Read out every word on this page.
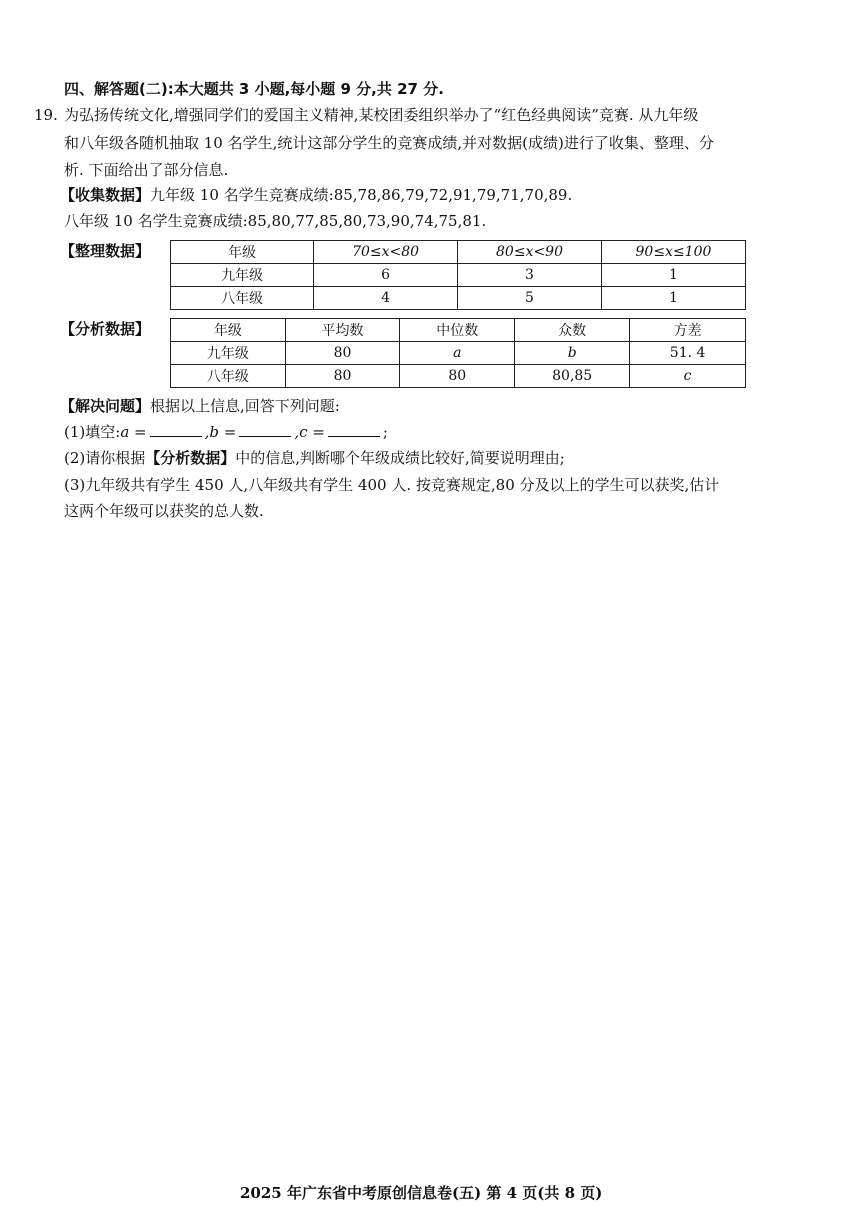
四、解答题(二):本大题共 3 小题,每小题 9 分,共 27 分.
19. 为弘扬传统文化,增强同学们的爱国主义精神,某校团委组织举办了“红色经典阅读”竞赛. 从九年级
和八年级各随机抽取 10 名学生,统计这部分学生的竞赛成绩,并对数据(成绩)进行了收集、整理、分
析. 下面给出了部分信息.
【收集数据】九年级 10 名学生竞赛成绩:85,78,86,79,72,91,79,71,70,89.
八年级 10 名学生竞赛成绩:85,80,77,85,80,73,90,74,75,81.
【整理数据】	年级	70≤x<80	80≤x<90	90≤x≤100
九年级	6	3	1
八年级	4	5	1
【分析数据】	年级	平均数	中位数	众数	方差
九年级	80	a	b	51. 4
八年级	80	80	80,85	c
【解决问题】根据以上信息,回答下列问题:
(1)填空:a =	,b =	,c =	;
(2)请你根据【分析数据】中的信息,判断哪个年级成绩比较好,简要说明理由;
(3)九年级共有学生 450 人,八年级共有学生 400 人. 按竞赛规定,80 分及以上的学生可以获奖,估计
这两个年级可以获奖的总人数.
2025 年广东省中考原创信息卷(五) 第 4 页(共 8 页)
